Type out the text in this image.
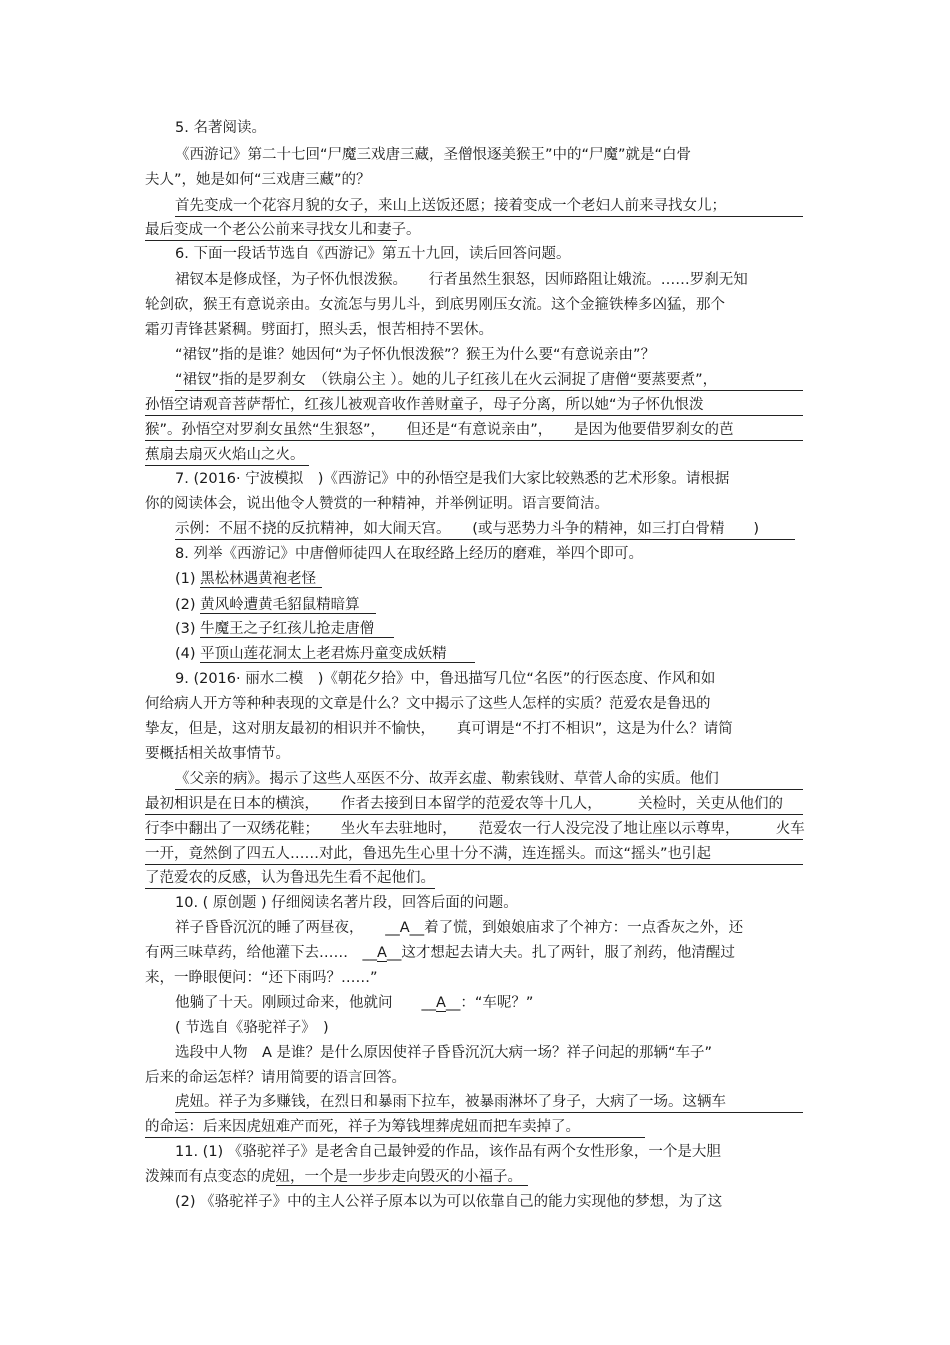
5. 名著阅读。
《西游记》第二十七回“尸魔三戏唐三藏，圣僧恨逐美猴王”中的“尸魔”就是“白骨
夫人”，她是如何“三戏唐三藏”的？
首先变成一个花容月貌的女子，来山上送饭还愿；接着变成一个老妇人前来寻找女儿；
最后变成一个老公公前来寻找女儿和妻子。
6. 下面一段话节选自《西游记》第五十九回，读后回答问题。
裙钗本是修成怪，为子怀仇恨泼猴。　　行者虽然生狠怒，因师路阻让娥流。……罗刹无知
轮剑砍，猴王有意说亲由。女流怎与男儿斗，到底男刚压女流。这个金箍铁棒多凶猛，那个
霜刃青锋甚紧稠。劈面打，照头丢，恨苦相持不罢休。
“裙钗”指的是谁？她因何“为子怀仇恨泼猴”？猴王为什么要“有意说亲由”？
“裙钗”指的是罗刹女　（铁扇公主 ）。她的儿子红孩儿在火云洞捉了唐僧“要蒸要煮”，
孙悟空请观音菩萨帮忙，红孩儿被观音收作善财童子，母子分离，所以她“为子怀仇恨泼
猴”。孙悟空对罗刹女虽然“生狠怒”，　　但还是“有意说亲由”，　　是因为他要借罗刹女的芭
蕉扇去扇灭火焰山之火。
7. (2016· 宁波模拟　)《西游记》中的孙悟空是我们大家比较熟悉的艺术形象。请根据
你的阅读体会，说出他令人赞赏的一种精神，并举例证明。语言要简洁。
示例：不屈不挠的反抗精神，如大闹天宫。　　(或与恶势力斗争的精神，如三打白骨精　　)
8. 列举《西游记》中唐僧师徒四人在取经路上经历的磨难，举四个即可。
(1) 黑松林遇黄袍老怪
(2) 黄风岭遭黄毛貂鼠精暗算
(3) 牛魔王之子红孩儿抢走唐僧
(4) 平顶山莲花洞太上老君炼丹童变成妖精
9. (2016· 丽水二模　)《朝花夕拾》中，鲁迅描写几位“名医”的行医态度、作风和如
何给病人开方等种种表现的文章是什么？文中揭示了这些人怎样的实质？范爱农是鲁迅的
挚友，但是，这对朋友最初的相识并不愉快，　　真可谓是“不打不相识”，这是为什么？请简
要概括相关故事情节。
《父亲的病》。揭示了这些人巫医不分、故弄玄虚、勒索钱财、草菅人命的实质。他们
最初相识是在日本的横滨，　　作者去接到日本留学的范爱农等十几人，　　　关检时，关吏从他们的
行李中翻出了一双绣花鞋；　　坐火车去驻地时，　　范爱农一行人没完没了地让座以示尊卑，　　　火车
一开，竟然倒了四五人……对此，鲁迅先生心里十分不满，连连摇头。而这“摇头”也引起
了范爱农的反感，认为鲁迅先生看不起他们。
10. ( 原创题 ) 仔细阅读名著片段，回答后面的问题。
祥子昏昏沉沉的睡了两昼夜，　　__A__着了慌，到娘娘庙求了个神方：一点香灰之外，还
有两三味草药，给他灌下去……　__A__这才想起去请大夫。扎了两针，服了剂药，他清醒过
来，一睁眼便问：“还下雨吗？……”
他躺了十天。刚顾过命来，他就问　　__A__：“车呢？”
( 节选自《骆驼祥子》　)
选段中人物　A 是谁？是什么原因使祥子昏昏沉沉大病一场？祥子问起的那辆“车子”
后来的命运怎样？请用简要的语言回答。
虎妞。祥子为多赚钱，在烈日和暴雨下拉车，被暴雨淋坏了身子，大病了一场。这辆车
的命运：后来因虎妞难产而死，祥子为筹钱埋葬虎妞而把车卖掉了。
11. (1) 《骆驼祥子》是老舍自己最钟爱的作品，该作品有两个女性形象，一个是大胆
泼辣而有点变态的虎妞，一个是一步步走向毁灭的小福子。
(2) 《骆驼祥子》中的主人公祥子原本以为可以依靠自己的能力实现他的梦想，为了这
